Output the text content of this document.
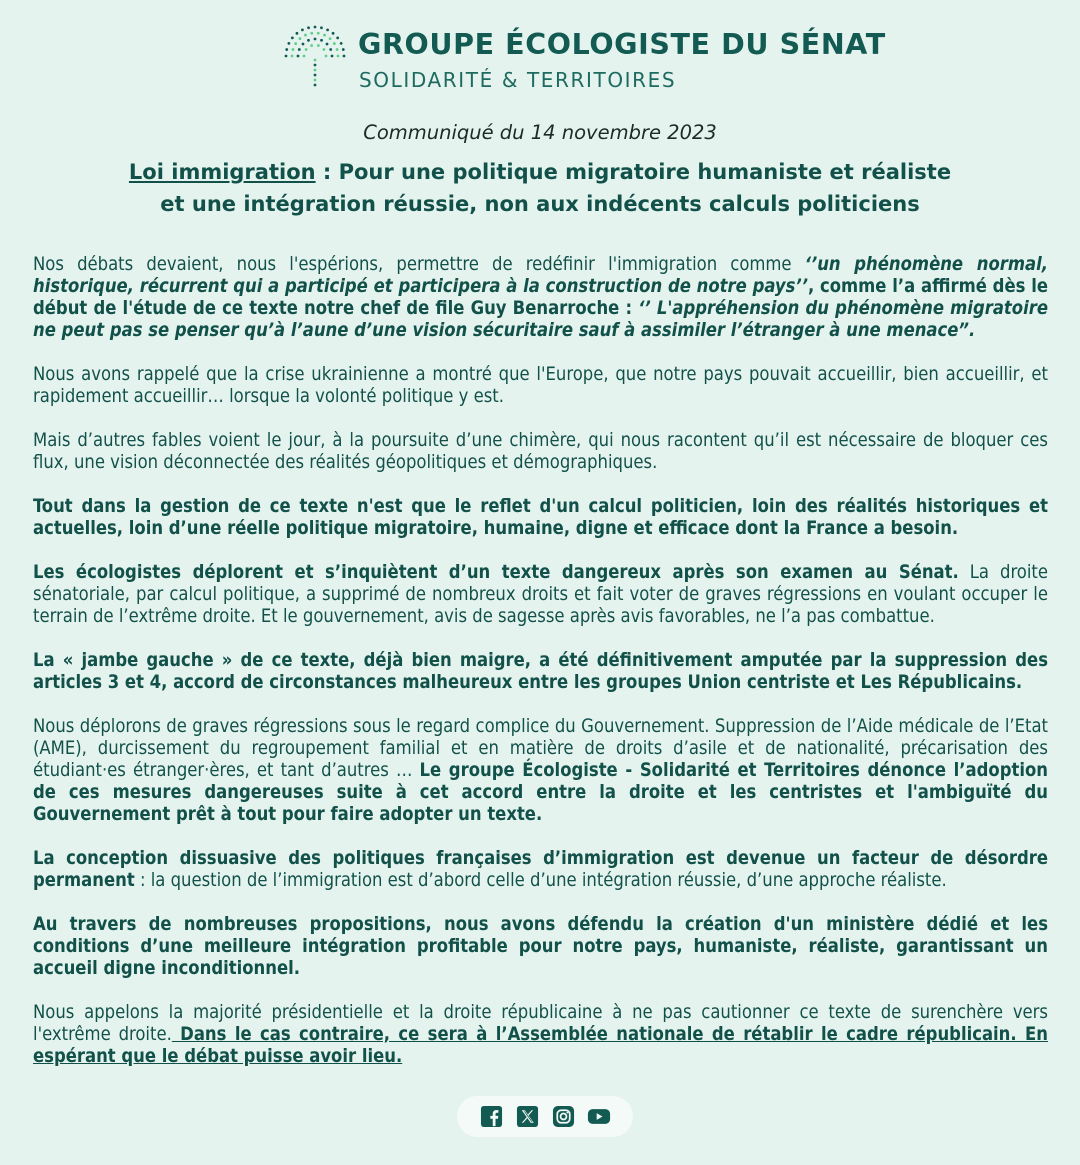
GROUPE ÉCOLOGISTE DU SÉNAT
SOLIDARITÉ & TERRITOIRES
Communiqué du 14 novembre 2023
Loi immigration : Pour une politique migratoire humaniste et réaliste
et une intégration réussie, non aux indécents calculs politiciens

Nos débats devaient, nous l'espérions, permettre de redéfinir l'immigration comme ‘’un phénomène normal, historique, récurrent qui a participé et participera à la construction de notre pays’’, comme l’a affirmé dès le début de l'étude de ce texte notre chef de file Guy Benarroche : ‘’ L'appréhension du phénomène migratoire ne peut pas se penser qu’à l’aune d’une vision sécuritaire sauf à assimiler l’étranger à une menace”.

Nous avons rappelé que la crise ukrainienne a montré que l'Europe, que notre pays pouvait accueillir, bien accueillir, et rapidement accueillir… lorsque la volonté politique y est.

Mais d’autres fables voient le jour, à la poursuite d’une chimère, qui nous racontent qu’il est nécessaire de bloquer ces flux, une vision déconnectée des réalités géopolitiques et démographiques.

Tout dans la gestion de ce texte n'est que le reflet d'un calcul politicien, loin des réalités historiques et actuelles, loin d’une réelle politique migratoire, humaine, digne et efficace dont la France a besoin.

Les écologistes déplorent et s’inquiètent d’un texte dangereux après son examen au Sénat. La droite sénatoriale, par calcul politique, a supprimé de nombreux droits et fait voter de graves régressions en voulant occuper le terrain de l’extrême droite. Et le gouvernement, avis de sagesse après avis favorables, ne l’a pas combattue.

La « jambe gauche » de ce texte, déjà bien maigre, a été définitivement amputée par la suppression des articles 3 et 4, accord de circonstances malheureux entre les groupes Union centriste et Les Républicains.

Nous déplorons de graves régressions sous le regard complice du Gouvernement. Suppression de l’Aide médicale de l’Etat (AME), durcissement du regroupement familial et en matière de droits d’asile et de nationalité, précarisation des étudiant·es étranger·ères, et tant d’autres … Le groupe Écologiste - Solidarité et Territoires dénonce l’adoption de ces mesures dangereuses suite à cet accord entre la droite et les centristes et l'ambiguïté du Gouvernement prêt à tout pour faire adopter un texte.

La conception dissuasive des politiques françaises d’immigration est devenue un facteur de désordre permanent : la question de l’immigration est d’abord celle d’une intégration réussie, d’une approche réaliste.

Au travers de nombreuses propositions, nous avons défendu la création d'un ministère dédié et les conditions d’une meilleure intégration profitable pour notre pays, humaniste, réaliste, garantissant un accueil digne inconditionnel.

Nous appelons la majorité présidentielle et la droite républicaine à ne pas cautionner ce texte de surenchère vers l'extrême droite. Dans le cas contraire, ce sera à l’Assemblée nationale de rétablir le cadre républicain. En espérant que le débat puisse avoir lieu.
